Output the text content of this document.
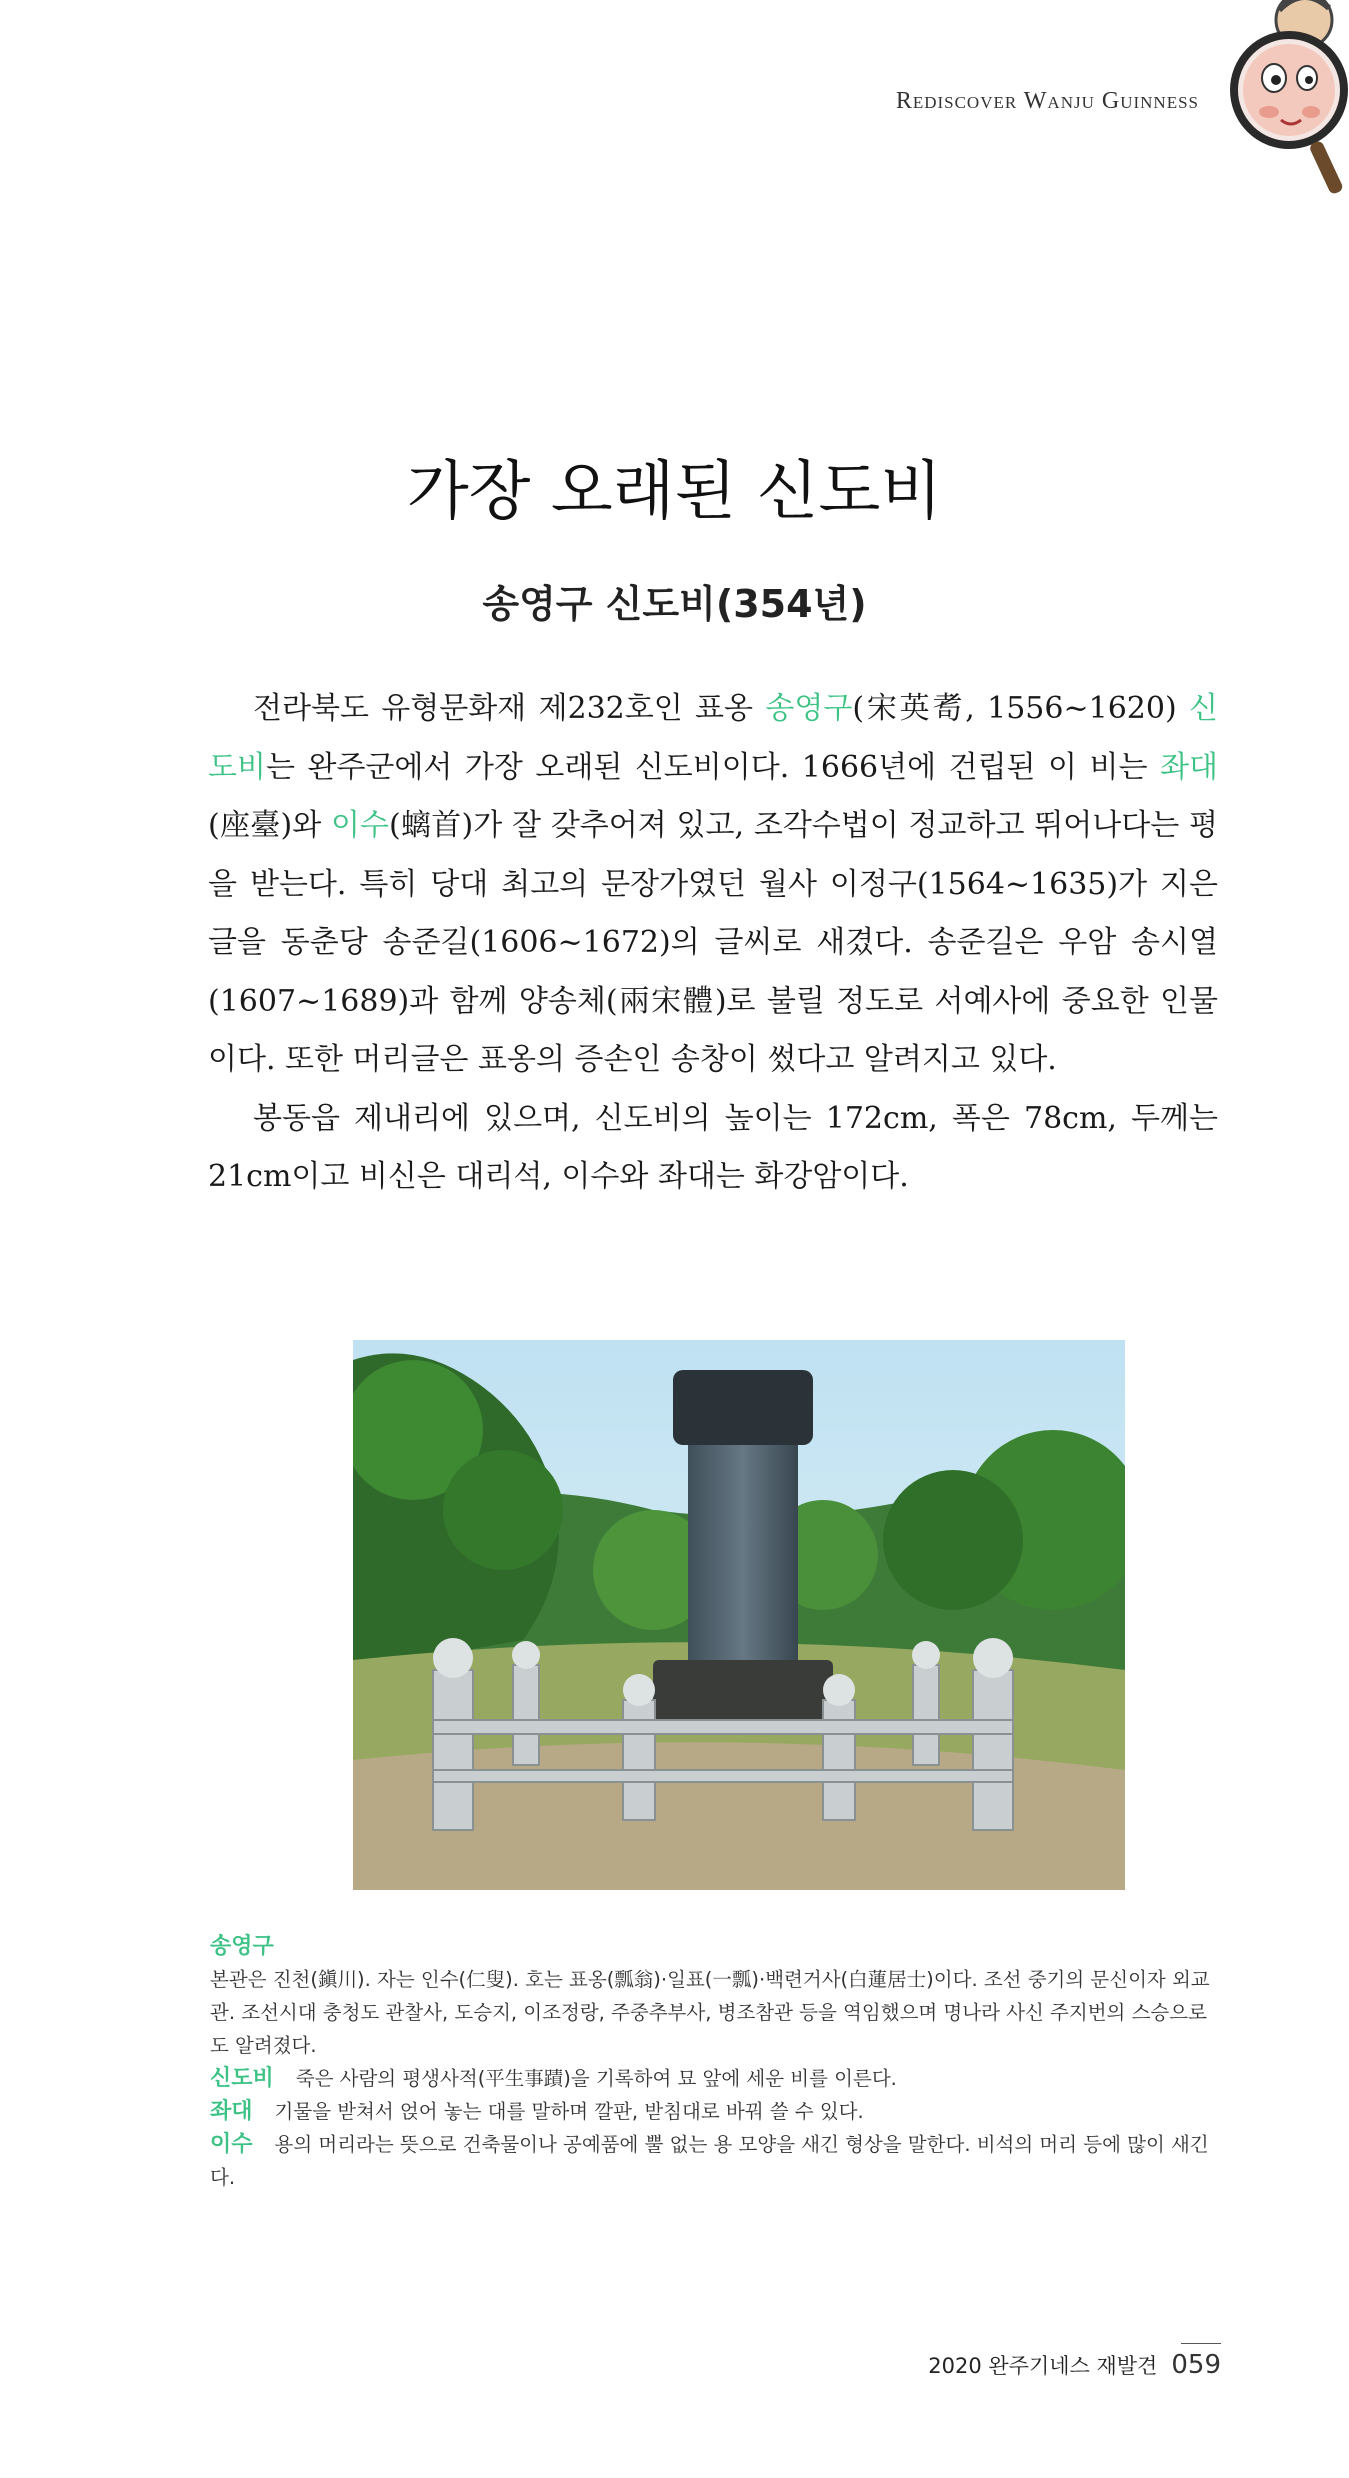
Rediscover Wanju Guinness
가장 오래된 신도비
송영구 신도비(354년)

전라북도 유형문화재 제232호인 표옹 송영구(宋英耉, 1556~1620) 신도비는 완주군에서 가장 오래된 신도비이다. 1666년에 건립된 이 비는 좌대(座臺)와 이수(螭首)가 잘 갖추어져 있고, 조각수법이 정교하고 뛰어나다는 평을 받는다. 특히 당대 최고의 문장가였던 월사 이정구(1564~1635)가 지은 글을 동춘당 송준길(1606~1672)의 글씨로 새겼다. 송준길은 우암 송시열(1607~1689)과 함께 양송체(兩宋體)로 불릴 정도로 서예사에 중요한 인물이다. 또한 머리글은 표옹의 증손인 송창이 썼다고 알려지고 있다.

봉동읍 제내리에 있으며, 신도비의 높이는 172cm, 폭은 78cm, 두께는 21cm이고 비신은 대리석, 이수와 좌대는 화강암이다.

송영구
본관은 진천(鎭川). 자는 인수(仁叟). 호는 표옹(瓢翁)·일표(一瓢)·백련거사(白蓮居士)이다. 조선 중기의 문신이자 외교관. 조선시대 충청도 관찰사, 도승지, 이조정랑, 주중추부사, 병조참관 등을 역임했으며 명나라 사신 주지번의 스승으로도 알려졌다.
신도비 죽은 사람의 평생사적(平生事蹟)을 기록하여 묘 앞에 세운 비를 이른다.
좌대 기물을 받쳐서 얹어 놓는 대를 말하며 깔판, 받침대로 바꿔 쓸 수 있다.
이수 용의 머리라는 뜻으로 건축물이나 공예품에 뿔 없는 용 모양을 새긴 형상을 말한다. 비석의 머리 등에 많이 새긴다.
2020 완주기네스 재발견 059
